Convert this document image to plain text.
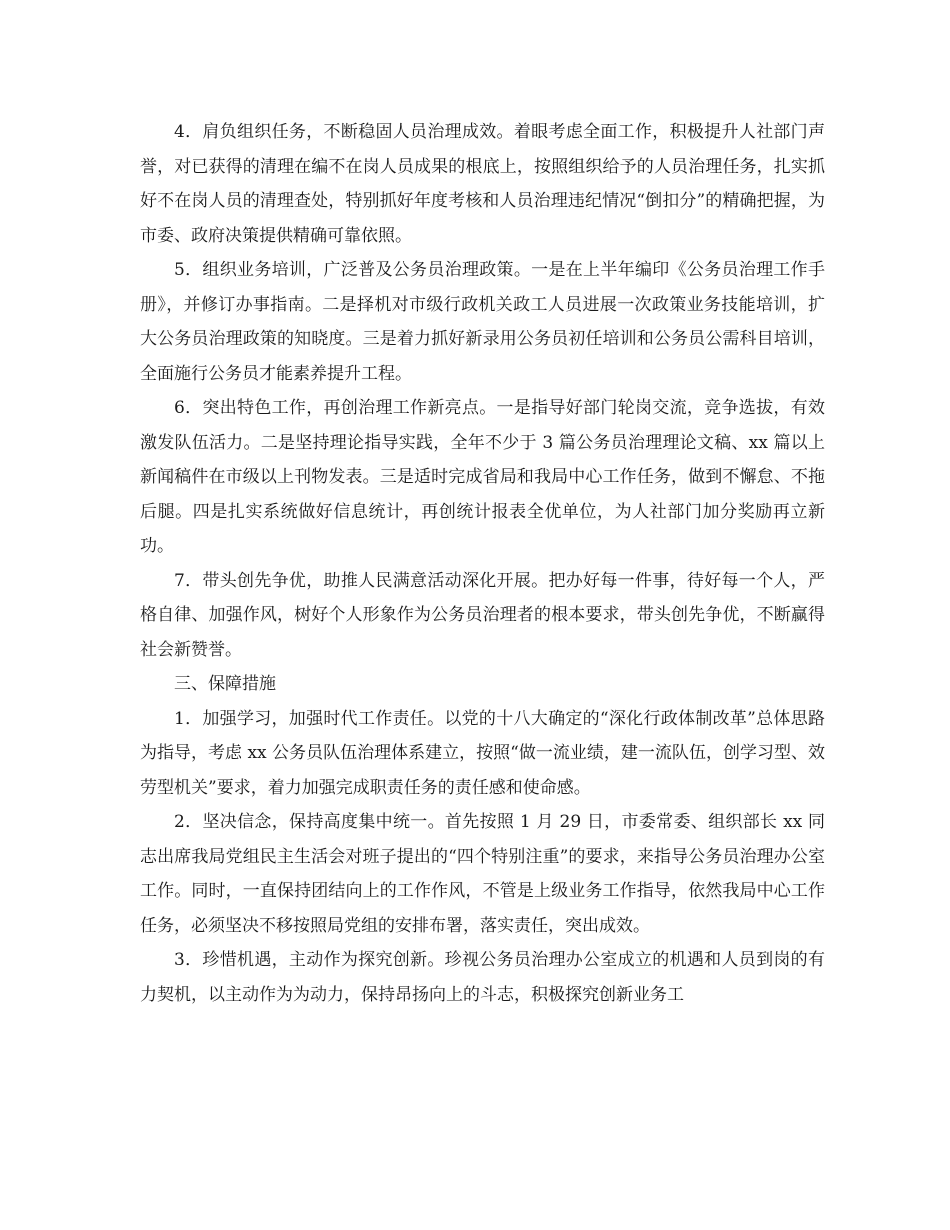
4．肩负组织任务，不断稳固人员治理成效。着眼考虑全面工作，积极提升人社部门声誉，对已获得的清理在编不在岗人员成果的根底上，按照组织给予的人员治理任务，扎实抓好不在岗人员的清理查处，特别抓好年度考核和人员治理违纪情况“倒扣分”的精确把握，为市委、政府决策提供精确可靠依照。

5．组织业务培训，广泛普及公务员治理政策。一是在上半年编印《公务员治理工作手册》，并修订办事指南。二是择机对市级行政机关政工人员进展一次政策业务技能培训，扩大公务员治理政策的知晓度。三是着力抓好新录用公务员初任培训和公务员公需科目培训，全面施行公务员才能素养提升工程。

6．突出特色工作，再创治理工作新亮点。一是指导好部门轮岗交流，竞争选拔，有效激发队伍活力。二是坚持理论指导实践，全年不少于 3 篇公务员治理理论文稿、xx 篇以上新闻稿件在市级以上刊物发表。三是适时完成省局和我局中心工作任务，做到不懈怠、不拖后腿。四是扎实系统做好信息统计，再创统计报表全优单位，为人社部门加分奖励再立新功。

7．带头创先争优，助推人民满意活动深化开展。把办好每一件事，待好每一个人，严格自律、加强作风，树好个人形象作为公务员治理者的根本要求，带头创先争优，不断赢得社会新赞誉。

三、保障措施

1．加强学习，加强时代工作责任。以党的十八大确定的“深化行政体制改革”总体思路为指导，考虑 xx 公务员队伍治理体系建立，按照“做一流业绩，建一流队伍，创学习型、效劳型机关”要求，着力加强完成职责任务的责任感和使命感。

2．坚决信念，保持高度集中统一。首先按照 1 月 29 日，市委常委、组织部长 xx 同志出席我局党组民主生活会对班子提出的“四个特别注重”的要求，来指导公务员治理办公室工作。同时，一直保持团结向上的工作作风，不管是上级业务工作指导，依然我局中心工作任务，必须坚决不移按照局党组的安排布署，落实责任，突出成效。

3．珍惜机遇，主动作为探究创新。珍视公务员治理办公室成立的机遇和人员到岗的有力契机，以主动作为为动力，保持昂扬向上的斗志，积极探究创新业务工
